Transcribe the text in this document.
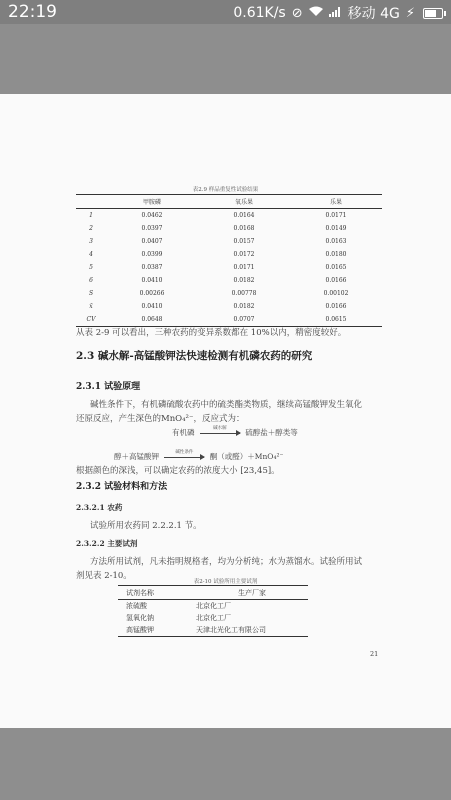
22:19	0.61K/s ⊘	移动 4G ⚡
表2.9 样品重复性试验结果
	甲胺磷	氧乐果	乐果
1	0.0462	0.0164	0.0171
2	0.0397	0.0168	0.0149
3	0.0407	0.0157	0.0163
4	0.0399	0.0172	0.0180
5	0.0387	0.0171	0.0165
6	0.0410	0.0182	0.0166
S	0.00266	0.00778	0.00102
x̄	0.0410	0.0182	0.0166
CV	0.0648	0.0707	0.0615
从表 2-9 可以看出，三种农药的变异系数都在 10%以内，精密度较好。
2.3 碱水解-高锰酸钾法快速检测有机磷农药的研究
2.3.1 试验原理
碱性条件下，有机磷硫酸农药中的硫类酯类物质，继续高锰酸钾发生氧化
还原反应，产生深色的MnO₄²⁻，反应式为：
有机磷	碱水解	硫醇盐＋醇类等
醇＋高锰酸钾	碱性条件	酮（或醛）＋MnO₄²⁻
根据颜色的深浅，可以确定农药的浓度大小 [23,45]。
2.3.2 试验材料和方法
2.3.2.1 农药
试验所用农药同 2.2.2.1 节。
2.3.2.2 主要试剂
方法所用试剂，凡未指明规格者，均为分析纯；水为蒸馏水。试验所用试
剂见表 2-10。
表2-10 试验所用主要试剂
试剂名称	生产厂家
浓硫酸	北京化工厂
氢氧化钠	北京化工厂
高锰酸钾	天津北光化工有限公司
21
